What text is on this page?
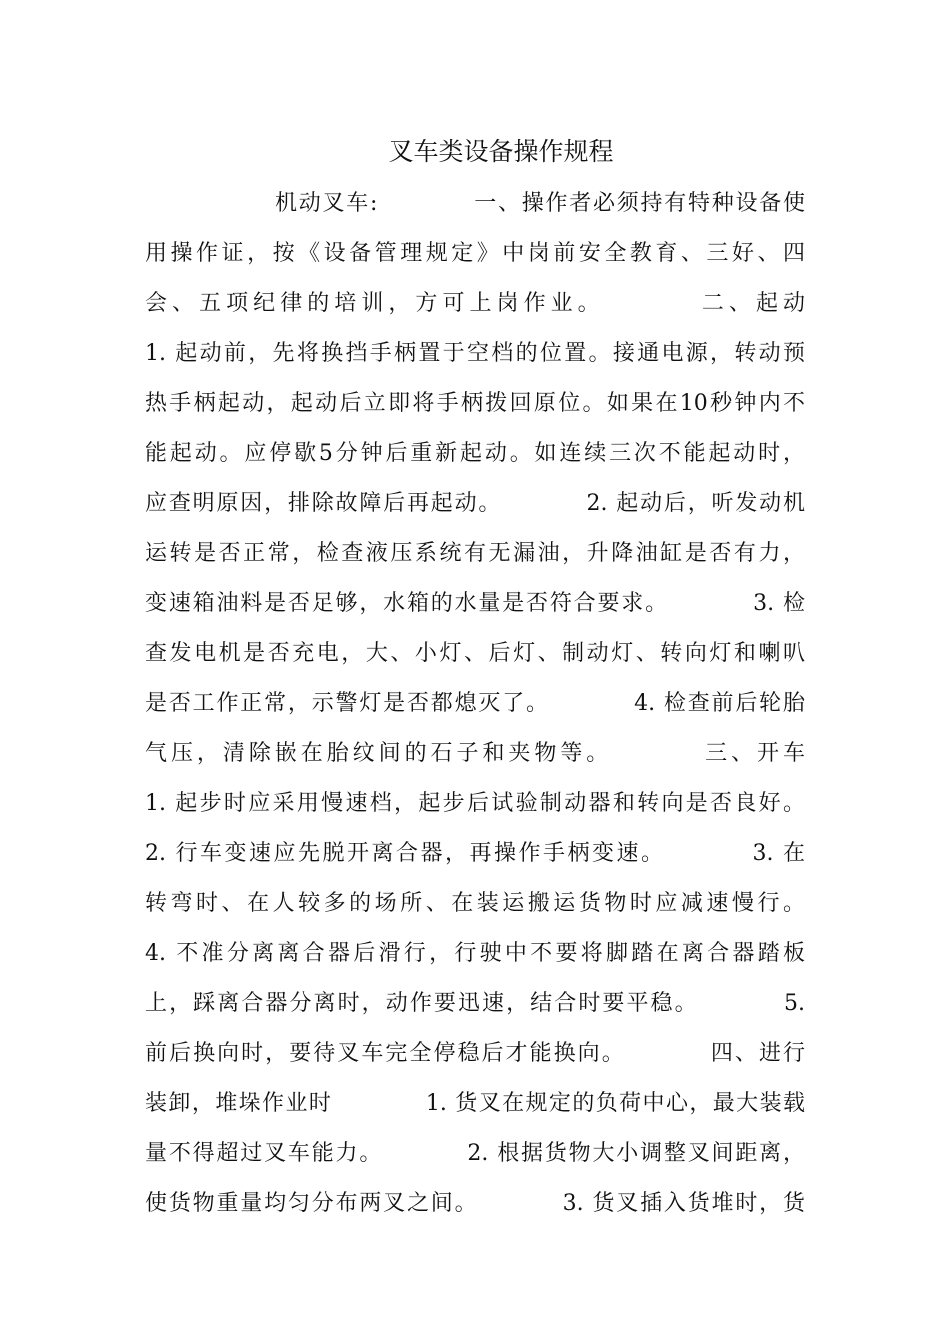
叉车类设备操作规程
机动叉车:　　　　一、操作者必须持有特种设备使
用操作证，按《设备管理规定》中岗前安全教育、三好、四
会、五项纪律的培训，方可上岗作业。　　　　二、起动
1. 起动前，先将换挡手柄置于空档的位置。接通电源，转动预
热手柄起动，起动后立即将手柄拨回原位。如果在10秒钟内不
能起动。应停歇5分钟后重新起动。如连续三次不能起动时，
应查明原因，排除故障后再起动。　　　　2. 起动后，听发动机
运转是否正常，检查液压系统有无漏油，升降油缸是否有力，
变速箱油料是否足够，水箱的水量是否符合要求。　　　　3. 检
查发电机是否充电，大、小灯、后灯、制动灯、转向灯和喇叭
是否工作正常，示警灯是否都熄灭了。　　　　4. 检查前后轮胎
气压，清除嵌在胎纹间的石子和夹物等。　　　　三、开车
1. 起步时应采用慢速档，起步后试验制动器和转向是否良好。
2. 行车变速应先脱开离合器，再操作手柄变速。　　　　3. 在
转弯时、在人较多的场所、在装运搬运货物时应减速慢行。
4. 不准分离离合器后滑行，行驶中不要将脚踏在离合器踏板
上，踩离合器分离时，动作要迅速，结合时要平稳。　　　　5.
前后换向时，要待叉车完全停稳后才能换向。　　　　四、进行
装卸，堆垛作业时　　　　1. 货叉在规定的负荷中心，最大装载
量不得超过叉车能力。　　　　2. 根据货物大小调整叉间距离，
使货物重量均匀分布两叉之间。　　　　3. 货叉插入货堆时，货
